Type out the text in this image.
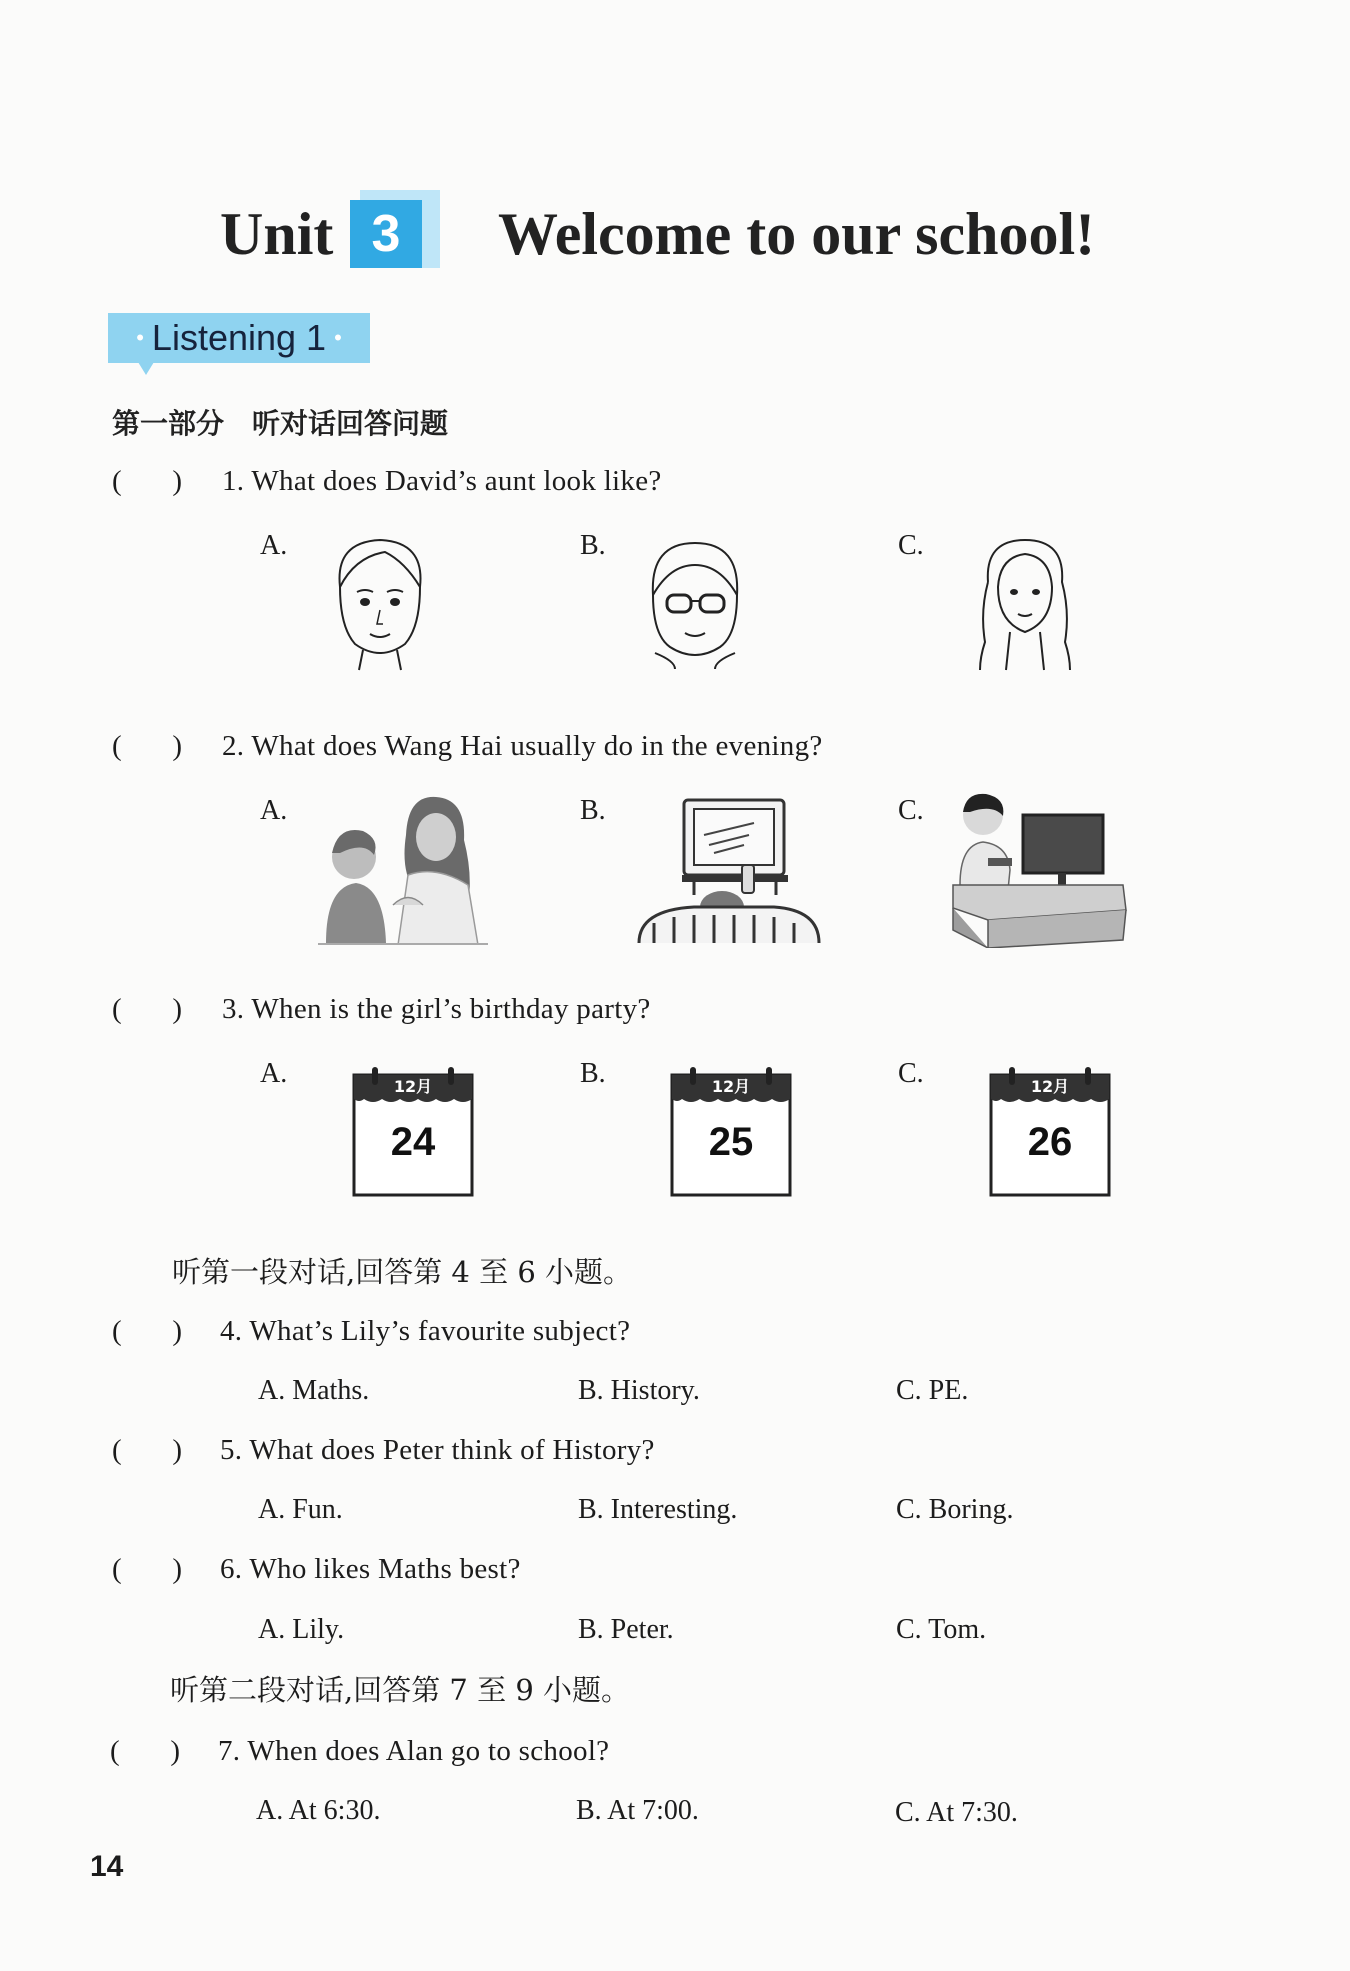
Unit 3	Welcome to our school!
• Listening 1 •
第一部分　听对话回答问题
(       ) 1. What does David’s aunt look like?
A.	B.	C.
(       ) 2. What does Wang Hai usually do in the evening?
A.	B.	C.
(       ) 3. When is the girl’s birthday party?
A.	B.	C.
12月
24
12月
25
12月
26
听第一段对话,回答第 4 至 6 小题。
(       ) 4. What’s Lily’s favourite subject?
A. Maths.	B. History.	C. PE.
(       ) 5. What does Peter think of History?
A. Fun.	B. Interesting.	C. Boring.
(       ) 6. Who likes Maths best?
A. Lily.	B. Peter.	C. Tom.
听第二段对话,回答第 7 至 9 小题。
(       ) 7. When does Alan go to school?
A. At 6:30.	B. At 7:00.	C. At 7:30.
14
